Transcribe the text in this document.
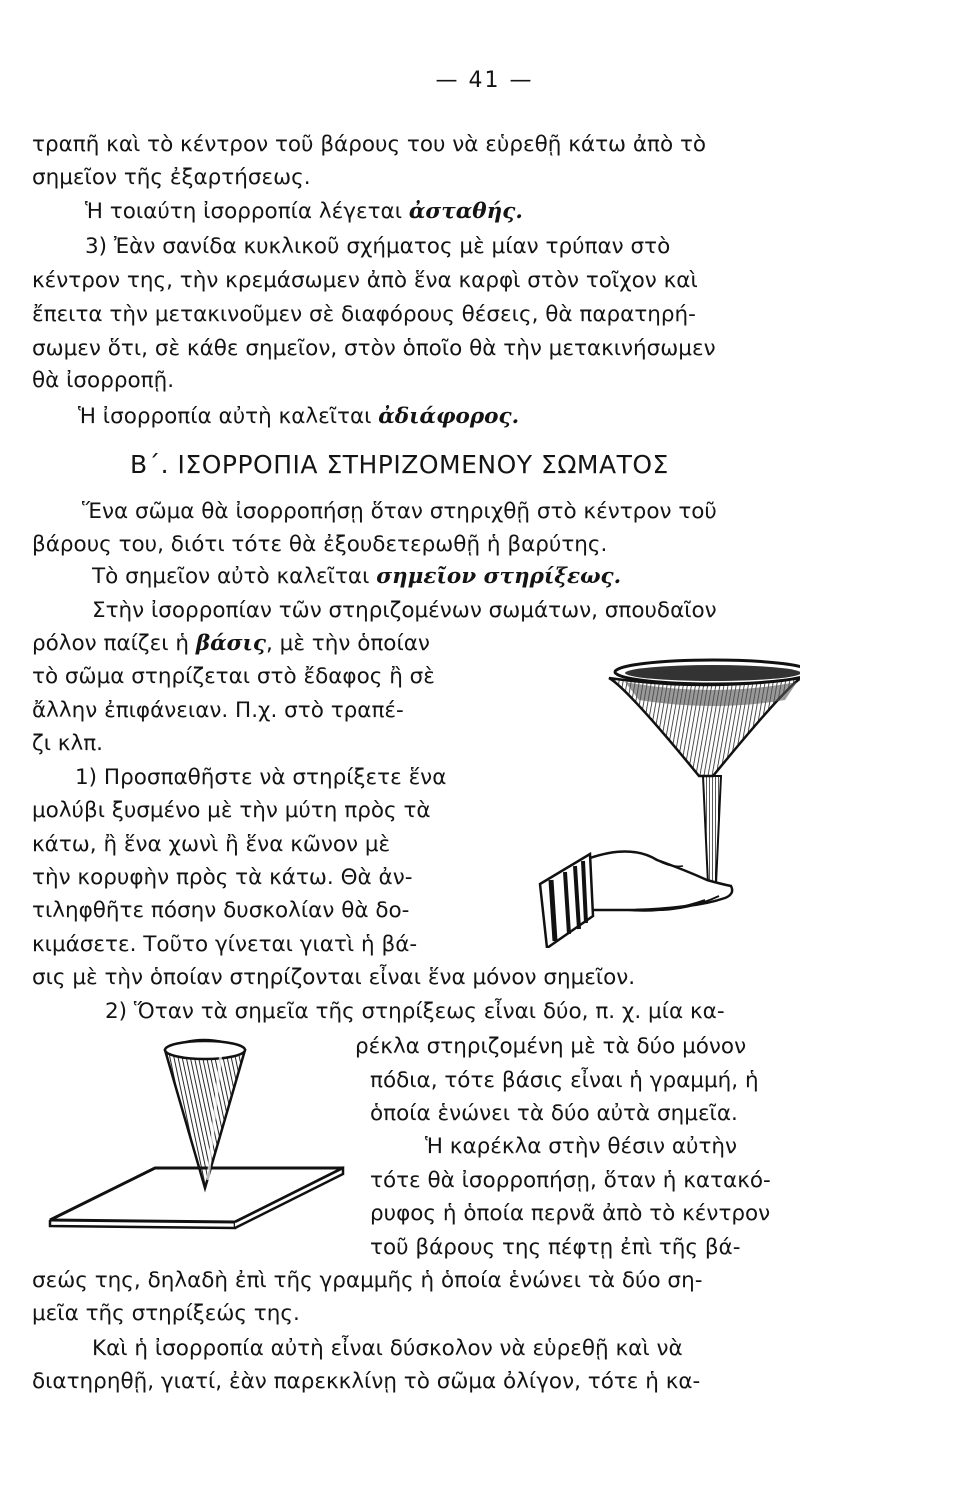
— 41 —
τραπῆ καὶ τὸ κέντρον τοῦ βάρους του νὰ εὑρεθῇ κάτω ἀπὸ τὸ
σημεῖον τῆς ἐξαρτήσεως.
Ἡ τοιαύτη ἰσορροπία λέγεται ἀσταθής.
3) Ἐὰν σανίδα κυκλικοῦ σχήματος μὲ μίαν τρύπαν στὸ
κέντρον της, τὴν κρεμάσωμεν ἀπὸ ἕνα καρφὶ στὸν τοῖχον καὶ
ἔπειτα τὴν μετακινοῦμεν σὲ διαφόρους θέσεις, θὰ παρατηρή-
σωμεν ὅτι, σὲ κάθε σημεῖον, στὸν ὁποῖο θὰ τὴν μετακινήσωμεν
θὰ ἰσορροπῇ.
Ἡ ἰσορροπία αὐτὴ καλεῖται ἀδιάφορος.
Β΄. ΙΣΟΡΡΟΠΙΑ ΣΤΗΡΙΖΟΜΕΝΟΥ ΣΩΜΑΤΟΣ
Ἕνα σῶμα θὰ ἰσορροπήσῃ ὅταν στηριχθῇ στὸ κέντρον τοῦ
βάρους του, διότι τότε θὰ ἐξουδετερωθῇ ἡ βαρύτης.
Τὸ σημεῖον αὐτὸ καλεῖται σημεῖον στηρίξεως.
Στὴν ἰσορροπίαν τῶν στηριζομένων σωμάτων, σπουδαῖον
ρόλον παίζει ἡ βάσις, μὲ τὴν ὁποίαν
τὸ σῶμα στηρίζεται στὸ ἔδαφος ἢ σὲ
ἄλλην ἐπιφάνειαν. Π.χ. στὸ τραπέ-
ζι κλπ.
1) Προσπαθῆστε νὰ στηρίξετε ἕνα
μολύβι ξυσμένο μὲ τὴν μύτη πρὸς τὰ
κάτω, ἢ ἕνα χωνὶ ἢ ἕνα κῶνον μὲ
τὴν κορυφὴν πρὸς τὰ κάτω. Θὰ ἀν-
τιληφθῆτε πόσην δυσκολίαν θὰ δο-
κιμάσετε. Τοῦτο γίνεται γιατὶ ἡ βά-
σις μὲ τὴν ὁποίαν στηρίζονται εἶναι ἕνα μόνον σημεῖον.
2) Ὅταν τὰ σημεῖα τῆς στηρίξεως εἶναι δύο, π. χ. μία κα-
ρέκλα στηριζομένη μὲ τὰ δύο μόνον
πόδια, τότε βάσις εἶναι ἡ γραμμή, ἡ
ὁποία ἑνώνει τὰ δύο αὐτὰ σημεῖα.
Ἡ καρέκλα στὴν θέσιν αὐτὴν
τότε θὰ ἰσορροπήσῃ, ὅταν ἡ κατακό-
ρυφος ἡ ὁποία περνᾶ ἀπὸ τὸ κέντρον
τοῦ βάρους της πέφτῃ ἐπὶ τῆς βά-
σεώς της, δηλαδὴ ἐπὶ τῆς γραμμῆς ἡ ὁποία ἑνώνει τὰ δύο ση-
μεῖα τῆς στηρίξεώς της.
Καὶ ἡ ἰσορροπία αὐτὴ εἶναι δύσκολον νὰ εὑρεθῇ καὶ νὰ
διατηρηθῇ, γιατί, ἐὰν παρεκκλίνῃ τὸ σῶμα ὀλίγον, τότε ἡ κα-
